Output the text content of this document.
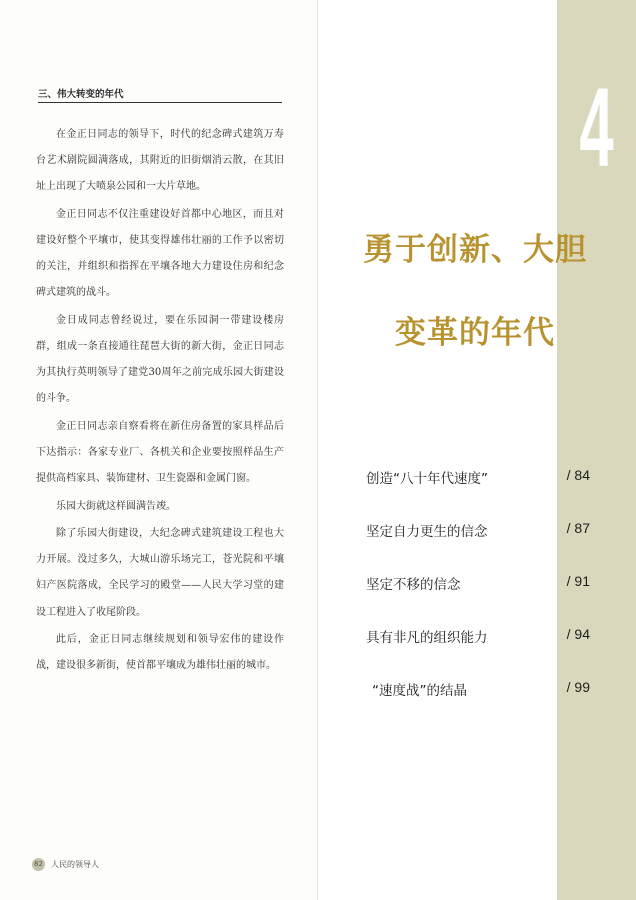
三、伟大转变的年代

在金正日同志的领导下，时代的纪念碑式建筑万寿台艺术剧院圆满落成，其附近的旧街烟消云散，在其旧址上出现了大喷泉公园和一大片草地。

金正日同志不仅注重建设好首都中心地区，而且对建设好整个平壤市，使其变得雄伟壮丽的工作予以密切的关注，并组织和指挥在平壤各地大力建设住房和纪念碑式建筑的战斗。

金日成同志曾经说过，要在乐园洞一带建设楼房群，组成一条直接通往琵琶大街的新大街，金正日同志为其执行英明领导了建党30周年之前完成乐园大街建设的斗争。

金正日同志亲自察看将在新住房备置的家具样品后下达指示：各家专业厂、各机关和企业要按照样品生产提供高档家具、装饰建材、卫生瓷器和金属门窗。

乐园大街就这样圆满告竣。

除了乐园大街建设，大纪念碑式建筑建设工程也大力开展。没过多久，大城山游乐场完工，苍光院和平壤妇产医院落成，全民学习的殿堂——人民大学习堂的建设工程进入了收尾阶段。

此后，金正日同志继续规划和领导宏伟的建设作战，建设很多新街，使首都平壤成为雄伟壮丽的城市。

82 人民的领导人
4
勇于创新、大胆
变革的年代
创造“八十年代速度”	/ 84
坚定自力更生的信念	/ 87
坚定不移的信念	/ 91
具有非凡的组织能力	/ 94
“速度战”的结晶	/ 99
